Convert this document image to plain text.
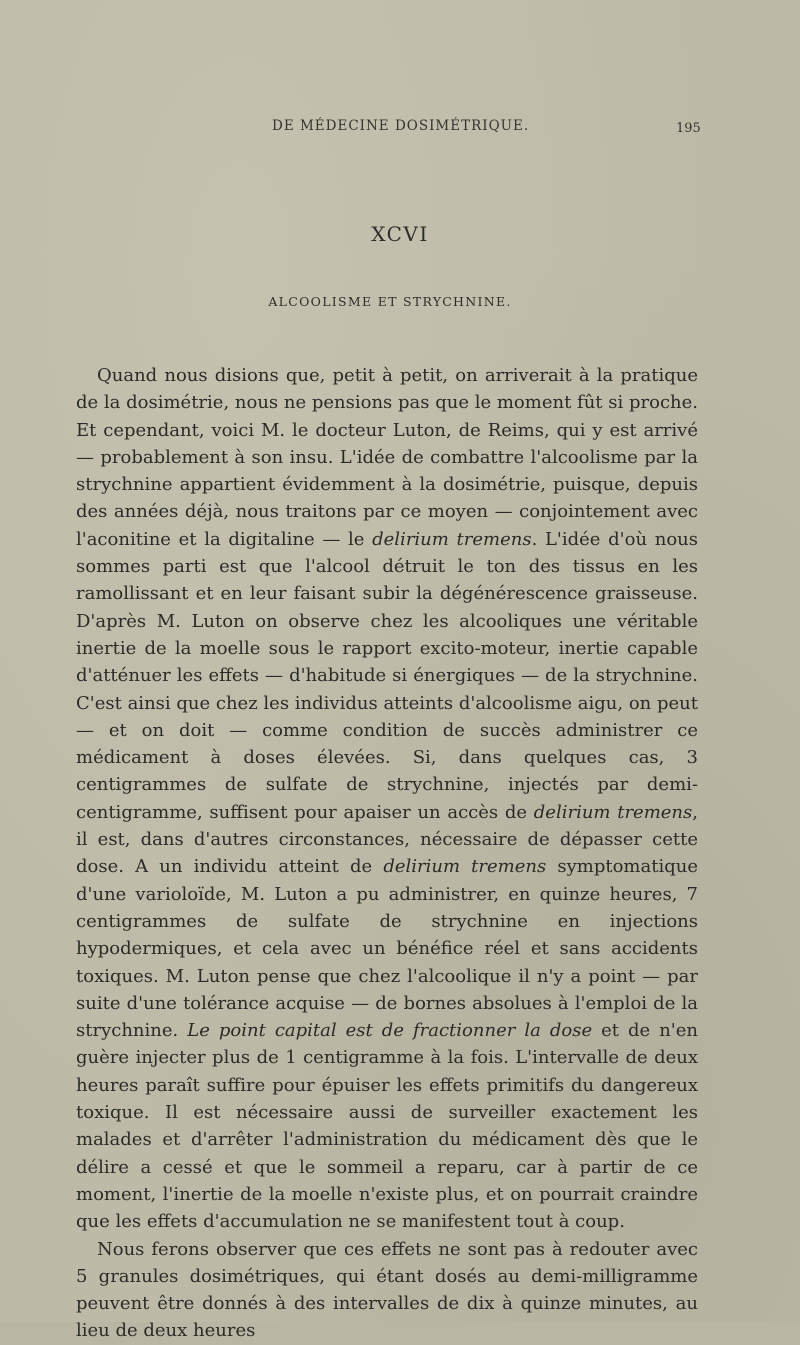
DE MÉDECINE DOSIMÉTRIQUE.	195
XCVI
ALCOOLISME ET STRYCHNINE.

Quand nous disions que, petit à petit, on arriverait à la pratique de la dosimétrie, nous ne pensions pas que le moment fût si proche. Et cependant, voici M. le docteur Luton, de Reims, qui y est arrivé — probablement à son insu. L'idée de combattre l'alcoolisme par la strychnine appartient évidemment à la dosimétrie, puisque, depuis des années déjà, nous traitons par ce moyen — conjointement avec l'aconitine et la digitaline — le delirium tremens. L'idée d'où nous sommes parti est que l'alcool détruit le ton des tissus en les ramollissant et en leur faisant subir la dégénérescence graisseuse. D'après M. Luton on observe chez les alcooliques une véritable inertie de la moelle sous le rapport excito-moteur, inertie capable d'atténuer les effets — d'habitude si énergiques — de la strychnine. C'est ainsi que chez les individus atteints d'alcoolisme aigu, on peut — et on doit — comme condition de succès administrer ce médicament à doses élevées. Si, dans quelques cas, 3 centigrammes de sulfate de strychnine, injectés par demi-centigramme, suffisent pour apaiser un accès de delirium tremens, il est, dans d'autres circonstances, nécessaire de dépasser cette dose. A un individu atteint de delirium tremens symptomatique d'une varioloïde, M. Luton a pu administrer, en quinze heures, 7 centigrammes de sulfate de strychnine en injections hypodermiques, et cela avec un bénéfice réel et sans accidents toxiques. M. Luton pense que chez l'alcoolique il n'y a point — par suite d'une tolérance acquise — de bornes absolues à l'emploi de la strychnine. Le point capital est de fractionner la dose et de n'en guère injecter plus de 1 centigramme à la fois. L'intervalle de deux heures paraît suffire pour épuiser les effets primitifs du dangereux toxique. Il est nécessaire aussi de surveiller exactement les malades et d'arrêter l'administration du médicament dès que le délire a cessé et que le sommeil a reparu, car à partir de ce moment, l'inertie de la moelle n'existe plus, et on pourrait craindre que les effets d'accumulation ne se manifestent tout à coup.

Nous ferons observer que ces effets ne sont pas à redouter avec 5 granules dosimétriques, qui étant dosés au demi-milligramme peuvent être donnés à des intervalles de dix à quinze minutes, au lieu de deux heures
